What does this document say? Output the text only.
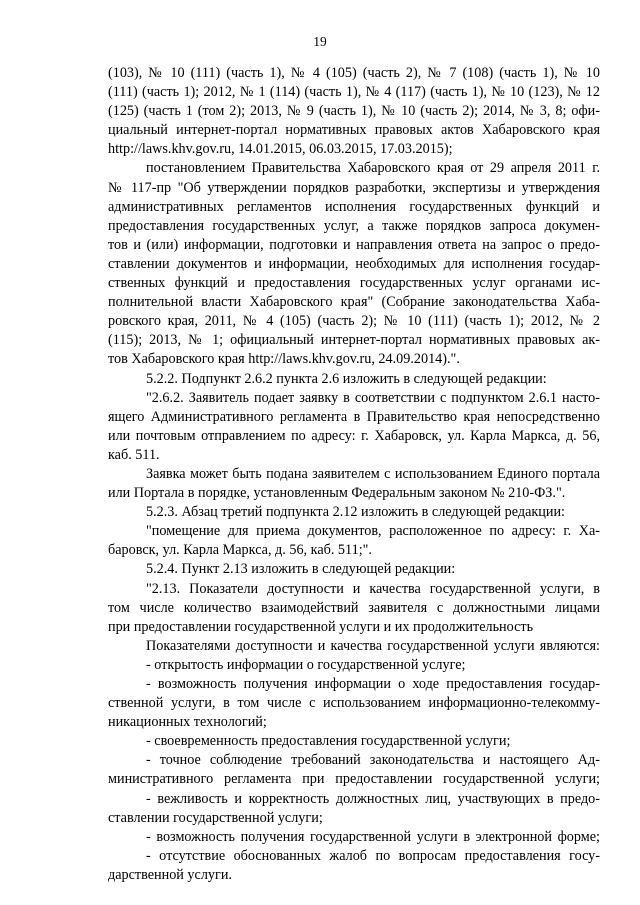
19
(103), № 10 (111) (часть 1), № 4 (105) (часть 2), № 7 (108) (часть 1), № 10
(111) (часть 1); 2012, № 1 (114) (часть 1), № 4 (117) (часть 1), № 10 (123), № 12
(125) (часть 1 (том 2); 2013, № 9 (часть 1), № 10 (часть 2); 2014, № 3, 8; офи-
циальный интернет-портал нормативных правовых актов Хабаровского края
http://laws.khv.gov.ru, 14.01.2015, 06.03.2015, 17.03.2015);
постановлением Правительства Хабаровского края от 29 апреля 2011 г.
№ 117-пр "Об утверждении порядков разработки, экспертизы и утверждения
административных регламентов исполнения государственных функций и
предоставления государственных услуг, а также порядков запроса докумен-
тов и (или) информации, подготовки и направления ответа на запрос о предо-
ставлении документов и информации, необходимых для исполнения государ-
ственных функций и предоставления государственных услуг органами ис-
полнительной власти Хабаровского края" (Собрание законодательства Хаба-
ровского края, 2011, № 4 (105) (часть 2); № 10 (111) (часть 1); 2012, № 2
(115); 2013, № 1; официальный интернет-портал нормативных правовых ак-
тов Хабаровского края http://laws.khv.gov.ru, 24.09.2014).".
5.2.2. Подпункт 2.6.2 пункта 2.6 изложить в следующей редакции:
"2.6.2. Заявитель подает заявку в соответствии с подпунктом 2.6.1 насто-
ящего Административного регламента в Правительство края непосредственно
или почтовым отправлением по адресу: г. Хабаровск, ул. Карла Маркса, д. 56,
каб. 511.
Заявка может быть подана заявителем с использованием Единого портала
или Портала в порядке, установленным Федеральным законом № 210-ФЗ.".
5.2.3. Абзац третий подпункта 2.12 изложить в следующей редакции:
"помещение для приема документов, расположенное по адресу: г. Ха-
баровск, ул. Карла Маркса, д. 56, каб. 511;".
5.2.4. Пункт 2.13 изложить в следующей редакции:
"2.13. Показатели доступности и качества государственной услуги, в
том числе количество взаимодействий заявителя с должностными лицами
при предоставлении государственной услуги и их продолжительность
Показателями доступности и качества государственной услуги являются:
- открытость информации о государственной услуге;
- возможность получения информации о ходе предоставления государ-
ственной услуги, в том числе с использованием информационно-телекомму-
никационных технологий;
- своевременность предоставления государственной услуги;
- точное соблюдение требований законодательства и настоящего Ад-
министративного регламента при предоставлении государственной услуги;
- вежливость и корректность должностных лиц, участвующих в предо-
ставлении государственной услуги;
- возможность получения государственной услуги в электронной форме;
- отсутствие обоснованных жалоб по вопросам предоставления госу-
дарственной услуги.
